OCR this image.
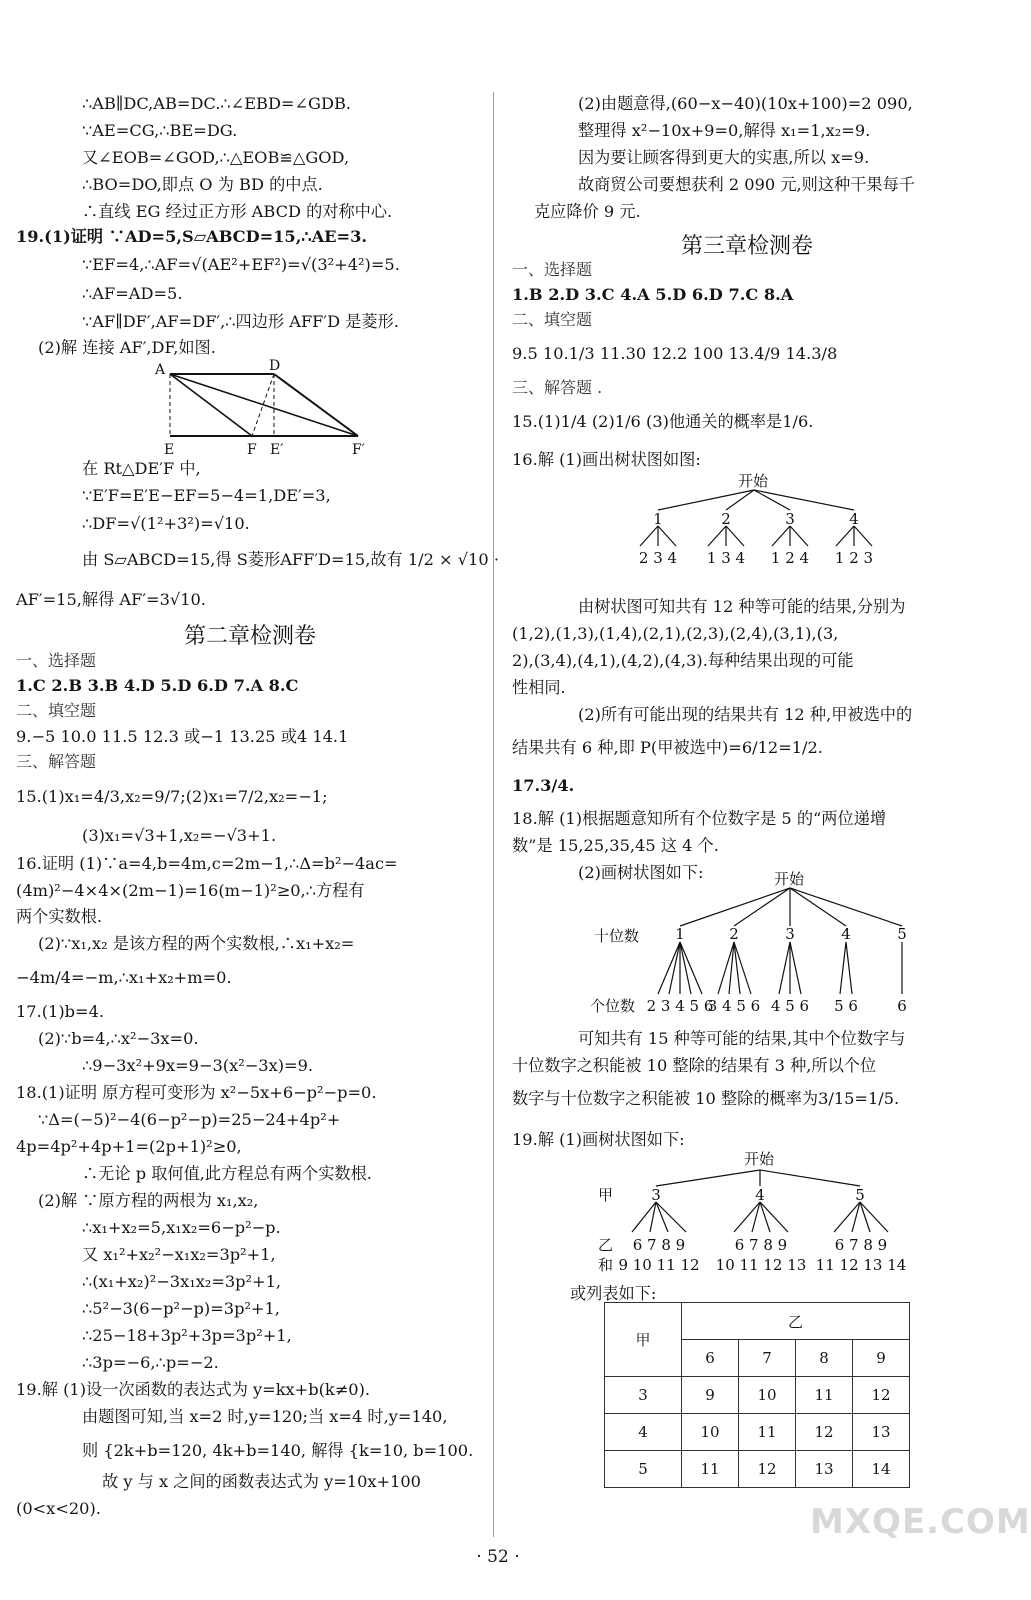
∴AB∥DC,AB=DC.∴∠EBD=∠GDB.
∵AE=CG,∴BE=DG.
又∠EOB=∠GOD,∴△EOB≌△GOD,
∴BO=DO,即点 O 为 BD 的中点.
∴直线 EG 经过正方形 ABCD 的对称中心.
19.(1)证明 ∵AD=5,S▱ABCD=15,∴AE=3.
∵EF=4,∴AF=√(AE²+EF²)=√(3²+4²)=5.
∴AF=AD=5.
∵AF∥DF′,AF=DF′,∴四边形 AFF′D 是菱形.
(2)解 连接 AF′,DF,如图.
A	D
E	F E′	F′
在 Rt△DE′F 中,
∵E′F=E′E−EF=5−4=1,DE′=3,
∴DF=√(1²+3²)=√10.
由 S▱ABCD=15,得 S菱形AFF′D=15,故有 1/2 × √10 ·
AF′=15,解得 AF′=3√10.
第二章检测卷
一、选择题
1.C 2.B 3.B 4.D 5.D 6.D 7.A 8.C
二、填空题
9.−5 10.0 11.5 12.3 或−1 13.25 或4 14.1
三、解答题
15.(1)x₁=4/3,x₂=9/7;(2)x₁=7/2,x₂=−1;
(3)x₁=√3+1,x₂=−√3+1.
16.证明 (1)∵a=4,b=4m,c=2m−1,∴Δ=b²−4ac=
(4m)²−4×4×(2m−1)=16(m−1)²≥0,∴方程有
两个实数根.
(2)∵x₁,x₂ 是该方程的两个实数根,∴x₁+x₂=
−4m/4=−m,∴x₁+x₂+m=0.
17.(1)b=4.
(2)∵b=4,∴x²−3x=0.
∴9−3x²+9x=9−3(x²−3x)=9.
18.(1)证明 原方程可变形为 x²−5x+6−p²−p=0.
∵Δ=(−5)²−4(6−p²−p)=25−24+4p²+
4p=4p²+4p+1=(2p+1)²≥0,
∴无论 p 取何值,此方程总有两个实数根.
(2)解 ∵原方程的两根为 x₁,x₂,
∴x₁+x₂=5,x₁x₂=6−p²−p.
又 x₁²+x₂²−x₁x₂=3p²+1,
∴(x₁+x₂)²−3x₁x₂=3p²+1,
∴5²−3(6−p²−p)=3p²+1,
∴25−18+3p²+3p=3p²+1,
∴3p=−6,∴p=−2.
19.解 (1)设一次函数的表达式为 y=kx+b(k≠0).
由题图可知,当 x=2 时,y=120;当 x=4 时,y=140,
则 {2k+b=120, 4k+b=140, 解得 {k=10, b=100.
故 y 与 x 之间的函数表达式为 y=10x+100
(0<x<20).
(2)由题意得,(60−x−40)(10x+100)=2 090,
整理得 x²−10x+9=0,解得 x₁=1,x₂=9.
因为要让顾客得到更大的实惠,所以 x=9.
故商贸公司要想获利 2 090 元,则这种干果每千
克应降价 9 元.
第三章检测卷
一、选择题
1.B 2.D 3.C 4.A 5.D 6.D 7.C 8.A
二、填空题
9.5 10.1/3 11.30 12.2 100 13.4/9 14.3/8
三、解答题 .
15.(1)1/4 (2)1/6 (3)他通关的概率是1/6.
16.解 (1)画出树状图如图:
开始
1	2	3	4
2 3 4 1 3 4 1 2 4 1 2 3
由树状图可知共有 12 种等可能的结果,分别为
(1,2),(1,3),(1,4),(2,1),(2,3),(2,4),(3,1),(3,
2),(3,4),(4,1),(4,2),(4,3).每种结果出现的可能
性相同.
(2)所有可能出现的结果共有 12 种,甲被选中的
结果共有 6 种,即 P(甲被选中)=6/12=1/2.
17.3/4.
18.解 (1)根据题意知所有个位数字是 5 的“两位递增
数”是 15,25,35,45 这 4 个.
(2)画树状图如下:	开始
十位数
个位数
1	2	3	4	5
2 3 4 5 6
3 4 5 6 4 5 6 5 6	6
可知共有 15 种等可能的结果,其中个位数字与
十位数字之积能被 10 整除的结果有 3 种,所以个位
数字与十位数字之积能被 10 整除的概率为3/15=1/5.
19.解 (1)画树状图如下:
开始
甲
乙
和
3	4	5
6 7 8 9	6 7 8 9	6 7 8 9
9 10 11 12 10 11 12 13 11 12 13 14
或列表如下:
甲	乙			
	6	7	8	9
3	9	10	11	12
4	10	11	12	13
5	11	12	13	14
· 52 ·
MXQE.COM
